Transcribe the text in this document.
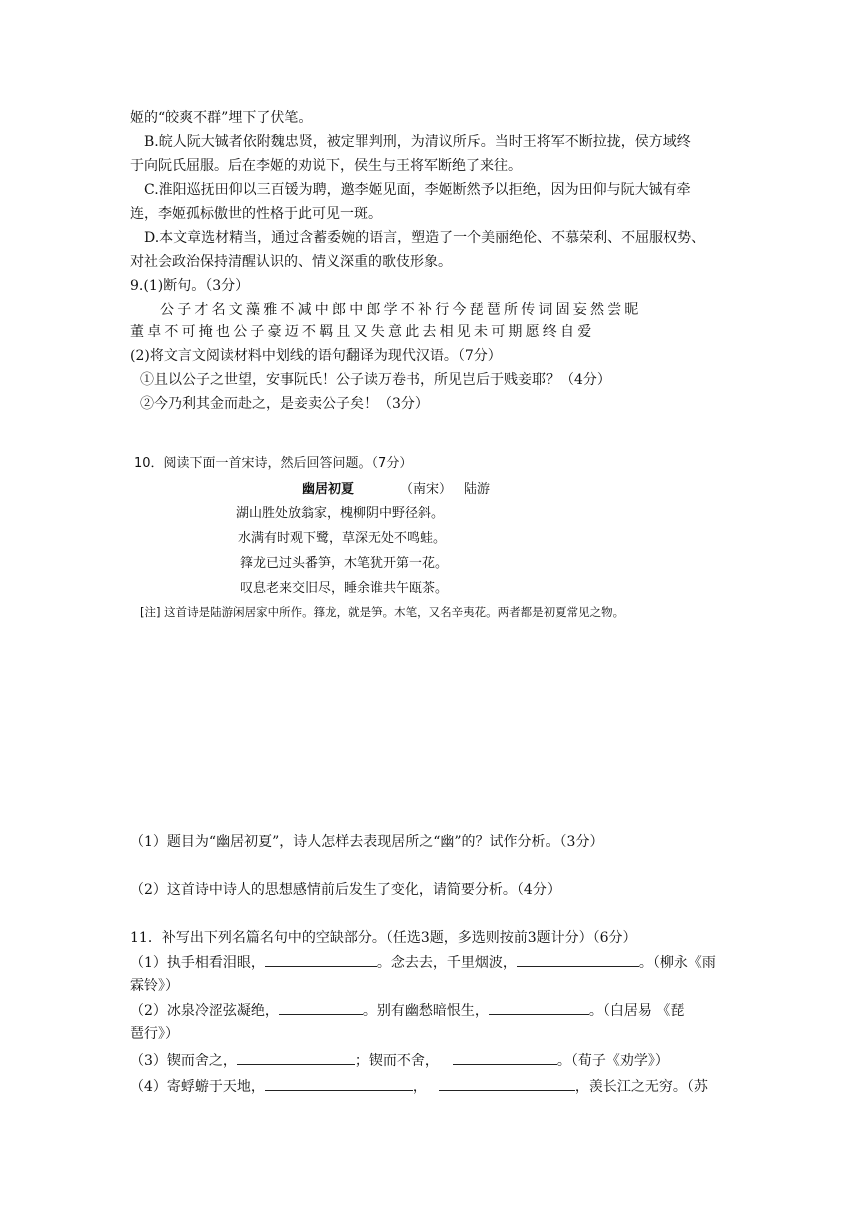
姬的“皎爽不群”埋下了伏笔。
B.皖人阮大铖者依附魏忠贤，被定罪判刑，为清议所斥。当时王将军不断拉拢，侯方域终
于向阮氏屈服。后在李姬的劝说下，侯生与王将军断绝了来往。
C.淮阳巡抚田仰以三百锾为聘，邀李姬见面，李姬断然予以拒绝，因为田仰与阮大铖有牵
连，李姬孤标傲世的性格于此可见一斑。
D.本文章选材精当，通过含蓄委婉的语言，塑造了一个美丽绝伦、不慕荣利、不屈服权势、
对社会政治保持清醒认识的、情义深重的歌伎形象。
9.(1)断句。（3分）
公子才名文藻雅不减中郎中郎学不补行今琵琶所传词固妄然尝昵
董卓不可掩也公子豪迈不羁且又失意此去相见未可期愿终自爱
(2)将文言文阅读材料中划线的语句翻译为现代汉语。（7分）
①且以公子之世望，安事阮氏！公子读万卷书，所见岂后于贱妾耶？（4分）
②今乃利其金而赴之，是妾卖公子矣！（3分）
10．阅读下面一首宋诗，然后回答问题。（7分）
幽居初夏	（南宋） 陆游
湖山胜处放翁家，槐柳阴中野径斜。
水满有时观下鹭，草深无处不鸣蛙。
箨龙已过头番笋，木笔犹开第一花。
叹息老来交旧尽，睡余谁共午瓯茶。
[注] 这首诗是陆游闲居家中所作。箨龙，就是笋。木笔，又名辛夷花。两者都是初夏常见之物。
（1）题目为“幽居初夏”，诗人怎样去表现居所之“幽”的？试作分析。（3分）
（2）这首诗中诗人的思想感情前后发生了变化，请简要分析。（4分）
11．补写出下列名篇名句中的空缺部分。（任选3题，多选则按前3题计分）（6分）
（1）执手相看泪眼，	。念去去，千里烟波，	。（柳永《雨
霖铃》）
（2）冰泉冷涩弦凝绝，	。别有幽愁暗恨生，	。（白居易 《琵
琶行》）
（3）锲而舍之，	；锲而不舍，	。（荀子《劝学》）
（4）寄蜉蝣于天地，	，	，羡长江之无穷。（苏
